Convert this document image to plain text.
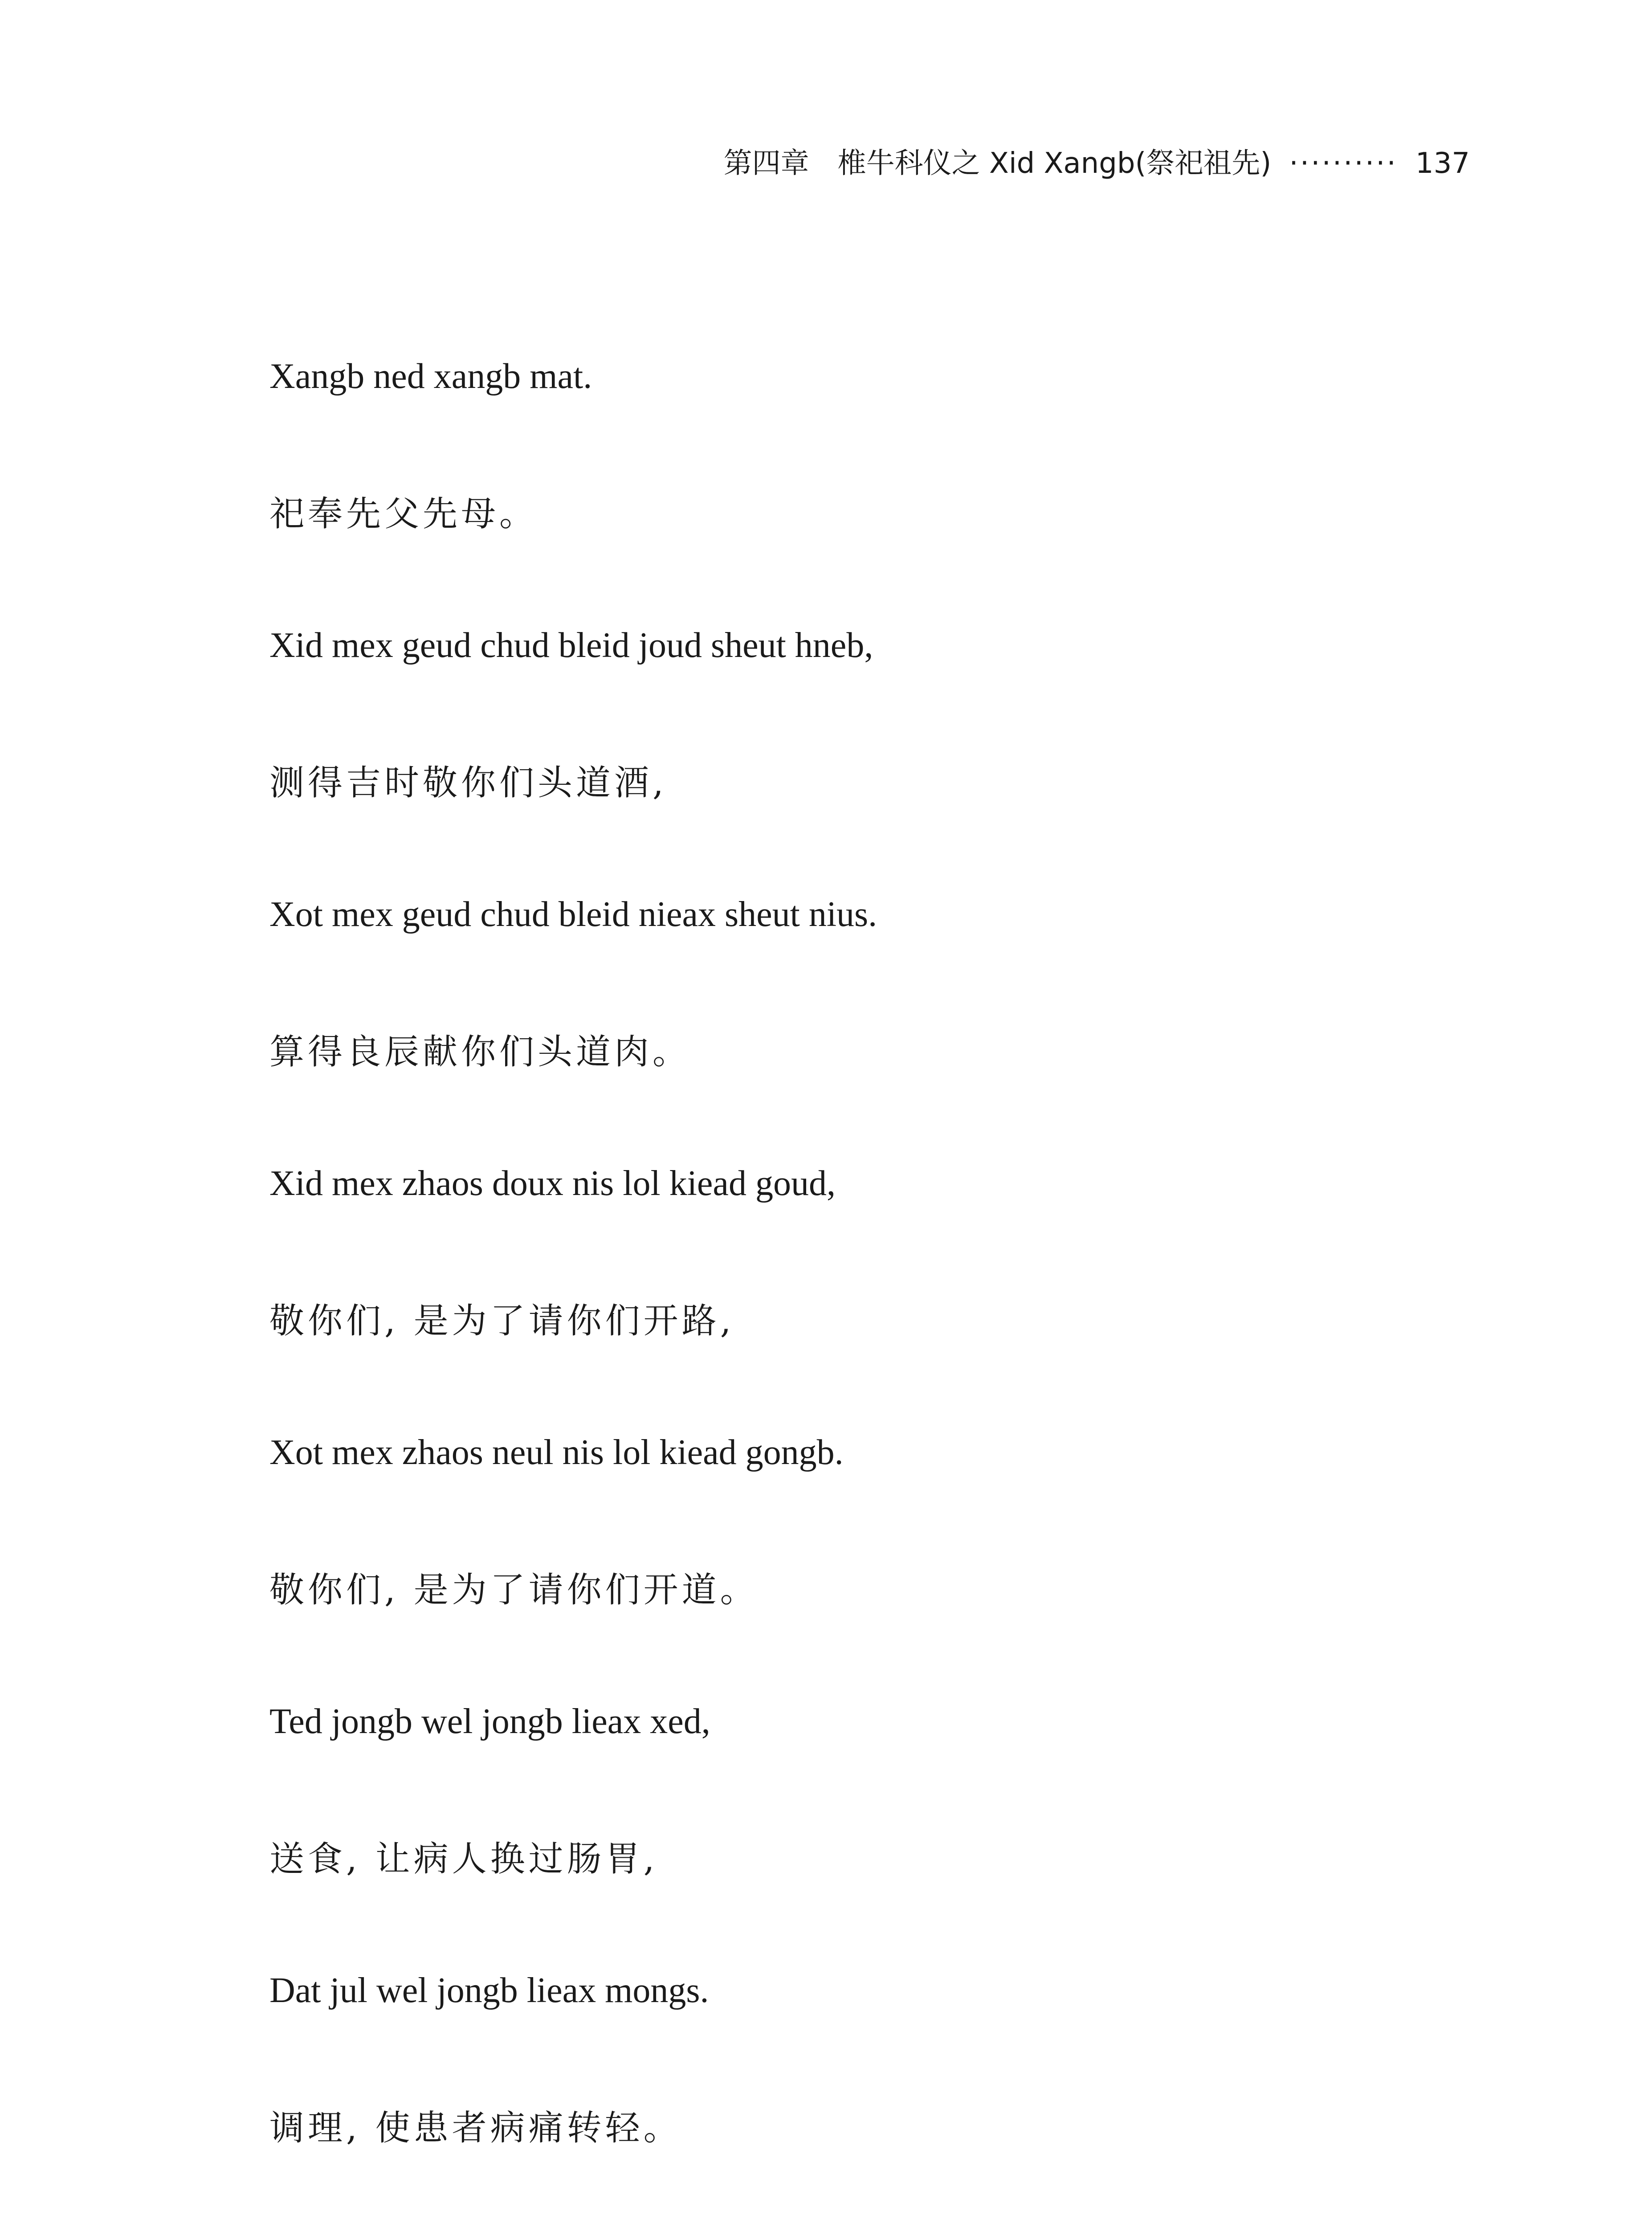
第四章 椎牛科仪之 Xid Xangb(祭祀祖先) ·········· 137
Xangb ned xangb mat.
祀奉先父先母。
Xid mex geud chud bleid joud sheut hneb,
测得吉时敬你们头道酒,
Xot mex geud chud bleid nieax sheut nius.
算得良辰献你们头道肉。
Xid mex zhaos doux nis lol kiead goud,
敬你们, 是为了请你们开路,
Xot mex zhaos neul nis lol kiead gongb.
敬你们, 是为了请你们开道。
Ted jongb wel jongb lieax xed,
送食, 让病人换过肠胃,
Dat jul wel jongb lieax mongs.
调理, 使患者病痛转轻。
